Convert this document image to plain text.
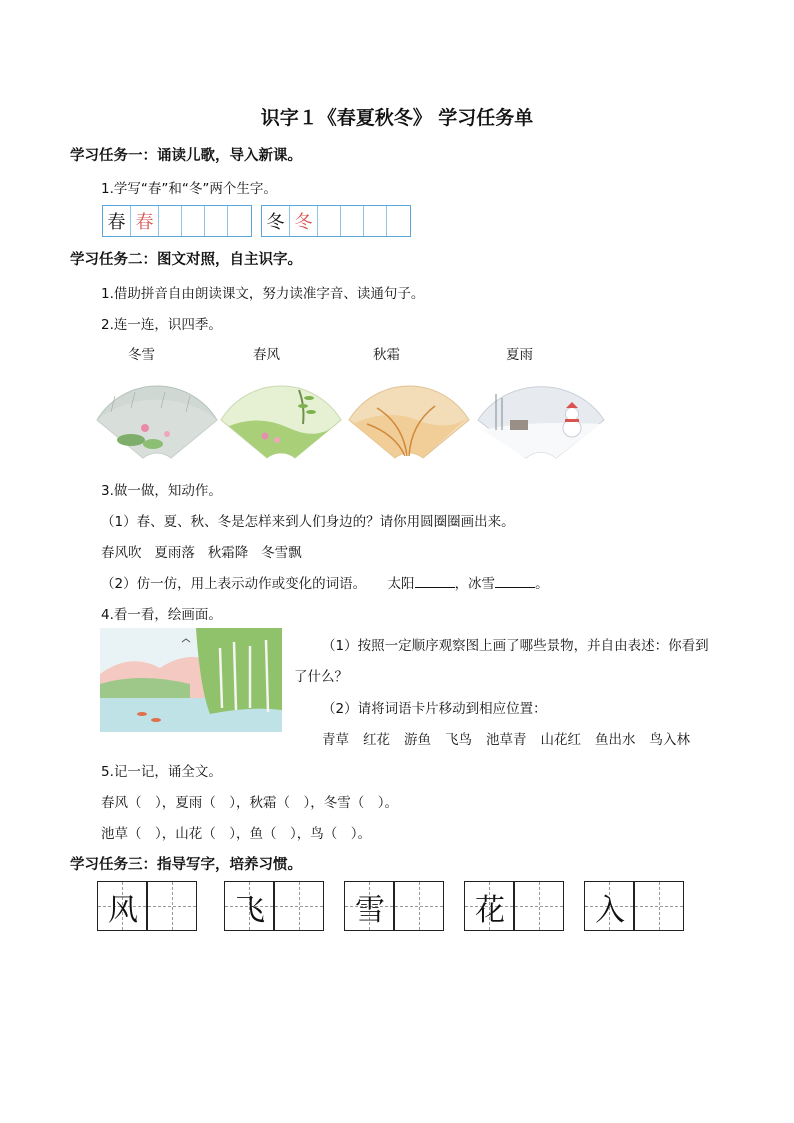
识字１《春夏秋冬》 学习任务单
学习任务一：诵读儿歌，导入新课。
1.学写“春”和“冬”两个生字。
春 春	冬 冬
学习任务二：图文对照，自主识字。
1.借助拼音自由朗读课文，努力读准字音、读通句子。
2.连一连，识四季。
冬雪	春风	秋霜	夏雨
3.做一做，知动作。
（1）春、夏、秋、冬是怎样来到人们身边的？请你用圆圈圈画出来。
春风吹 夏雨落 秋霜降 冬雪飘
（2）仿一仿，用上表示动作或变化的词语。 太阳	，冰雪	。
4.看一看，绘画面。
（1）按照一定顺序观察图上画了哪些景物，并自由表述：你看到
了什么？
（2）请将词语卡片移动到相应位置：
青草 红花 游鱼 飞鸟 池草青 山花红 鱼出水 鸟入林
5.记一记，诵全文。
春风（　），夏雨（　），秋霜（　），冬雪（　）。
池草（　），山花（　），鱼（　），鸟（　）。
学习任务三：指导写字，培养习惯。
风	飞	雪	花	入
